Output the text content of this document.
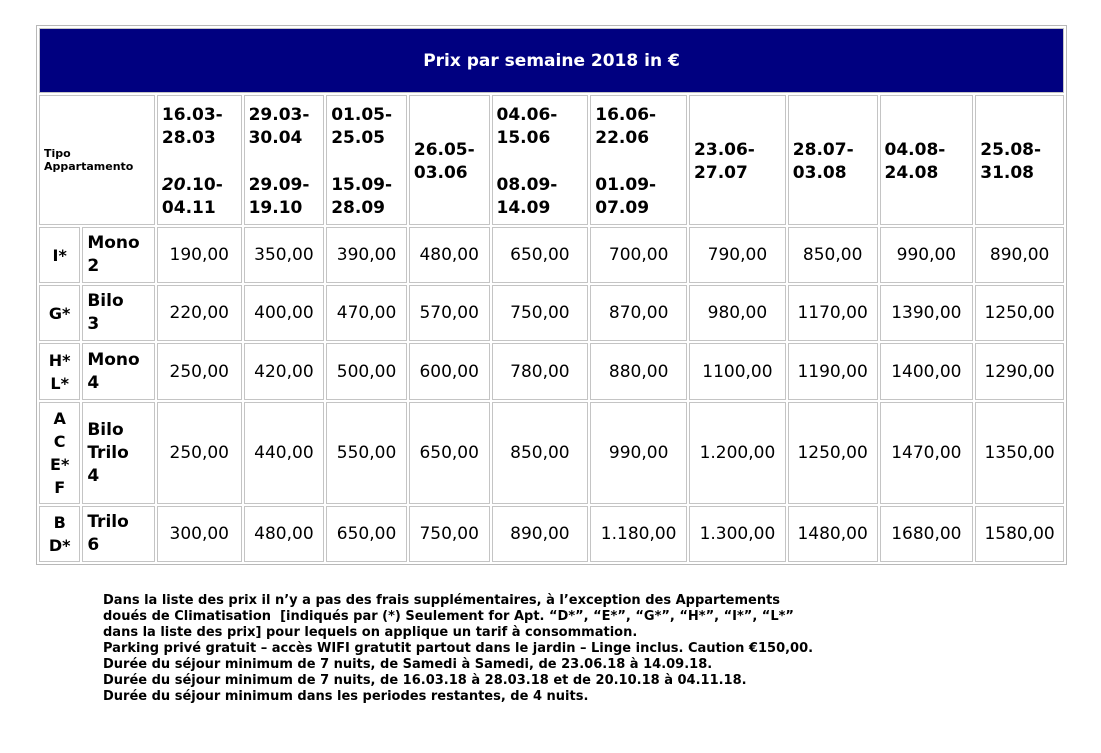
Prix par semaine 2018 in €											

Tipo
Appartamento		16.03-
28.03
20.10-
04.11	29.03-
30.04
29.09-
19.10	01.05-
25.05
15.09-
28.09	26.05-
03.06	04.06-
15.06
08.09-
14.09	16.06-
22.06
01.09-
07.09	23.06-
27.07	28.07-
03.08	04.08-
24.08	25.08-
31.08

I*	Mono
2	190,00	350,00	390,00	480,00	650,00	700,00	790,00	850,00	990,00	890,00

G*	Bilo
3	220,00	400,00	470,00	570,00	750,00	870,00	980,00	1170,00	1390,00	1250,00

H*
L*	Mono
4	250,00	420,00	500,00	600,00	780,00	880,00	1100,00	1190,00	1400,00	1290,00

A
C
E*
F	Bilo
Trilo
4	250,00	440,00	550,00	650,00	850,00	990,00	1.200,00	1250,00	1470,00	1350,00

B
D*	Trilo
6	300,00	480,00	650,00	750,00	890,00	1.180,00	1.300,00	1480,00	1680,00	1580,00
Dans la liste des prix il n’y a pas des frais supplémentaires, à l’exception des Appartements
doués de Climatisation  [indiqués par (*) Seulement for Apt. “D*”, “E*”, “G*”, “H*”, “I*”, “L*”
dans la liste des prix] pour lequels on applique un tarif à consommation.
Parking privé gratuit – accès WIFI gratutit partout dans le jardin – Linge inclus. Caution €150,00.
Durée du séjour minimum de 7 nuits, de Samedi à Samedi, de 23.06.18 à 14.09.18.
Durée du séjour minimum de 7 nuits, de 16.03.18 à 28.03.18 et de 20.10.18 à 04.11.18.
Durée du séjour minimum dans les periodes restantes, de 4 nuits.
